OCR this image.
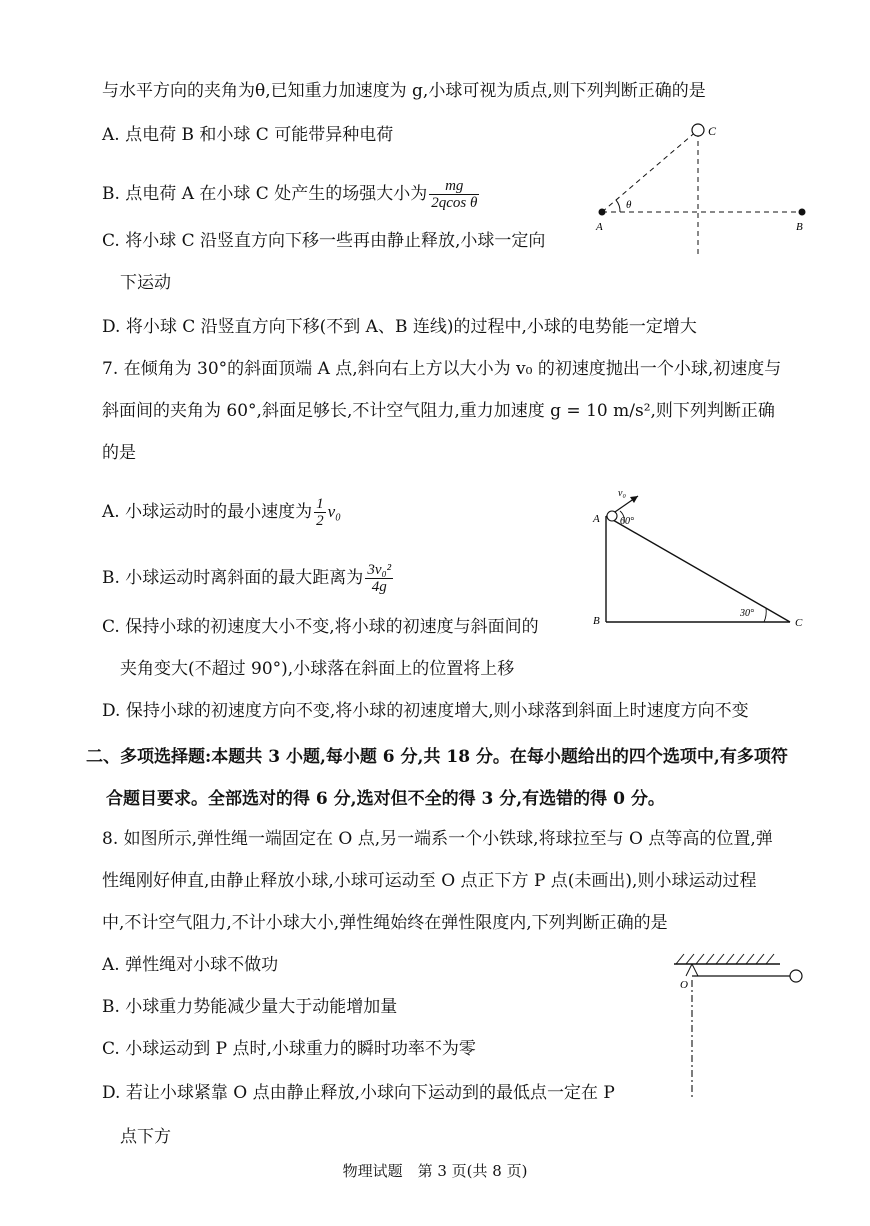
与水平方向的夹角为θ,已知重力加速度为 g,小球可视为质点,则下列判断正确的是
A. 点电荷 B 和小球 C 可能带异种电荷
B. 点电荷 A 在小球 C 处产生的场强大小为 $\frac{mg}{\text{2qcos θ}}$
C. 将小球 C 沿竖直方向下移一些再由静止释放,小球一定向
下运动
D. 将小球 C 沿竖直方向下移(不到 A、B 连线)的过程中,小球的电势能一定增大
C
A	B
θ
7. 在倾角为 30°的斜面顶端 A 点,斜向右上方以大小为 v₀ 的初速度抛出一个小球,初速度与
斜面间的夹角为 60°,斜面足够长,不计空气阻力,重力加速度 g = 10 m/s²,则下列判断正确
的是
A. 小球运动时的最小速度为 $\frac{1}{2} v_0$
B. 小球运动时离斜面的最大距离为 $\frac{\text{3v₀²}}{4g}$
C. 保持小球的初速度大小不变,将小球的初速度与斜面间的
夹角变大(不超过 90°),小球落在斜面上的位置将上移
D. 保持小球的初速度方向不变,将小球的初速度增大,则小球落到斜面上时速度方向不变
v₀
A 60°
B	C
30°
二、多项选择题:本题共 3 小题,每小题 6 分,共 18 分。在每小题给出的四个选项中,有多项符
合题目要求。全部选对的得 6 分,选对但不全的得 3 分,有选错的得 0 分。
8. 如图所示,弹性绳一端固定在 O 点,另一端系一个小铁球,将球拉至与 O 点等高的位置,弹
性绳刚好伸直,由静止释放小球,小球可运动至 O 点正下方 P 点(未画出),则小球运动过程
中,不计空气阻力,不计小球大小,弹性绳始终在弹性限度内,下列判断正确的是
A. 弹性绳对小球不做功
B. 小球重力势能减少量大于动能增加量
C. 小球运动到 P 点时,小球重力的瞬时功率不为零
D. 若让小球紧靠 O 点由静止释放,小球向下运动到的最低点一定在 P
点下方
O
物理试题　第 3 页(共 8 页)
